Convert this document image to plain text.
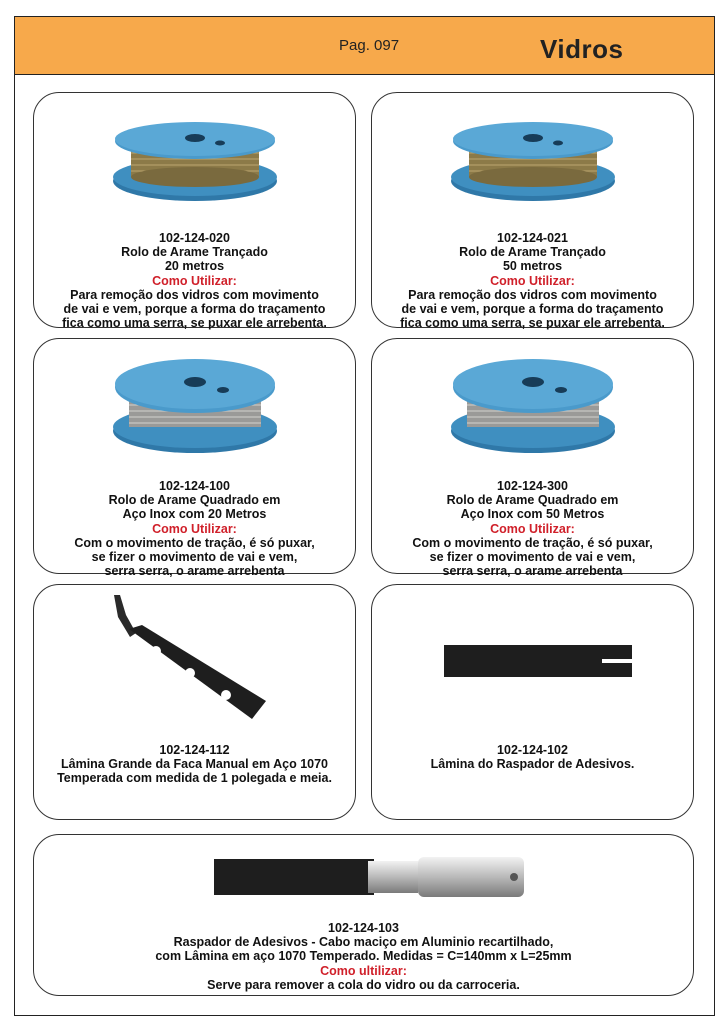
Pag. 097	Vidros
102-124-020
Rolo de Arame Trançado
20 metros
Como Utilizar:
Para remoção dos vidros com movimento
de vai e vem, porque a forma do traçamento
fica como uma serra, se puxar ele arrebenta.
102-124-021
Rolo de Arame Trançado
50 metros
Como Utilizar:
Para remoção dos vidros com movimento
de vai e vem, porque a forma do traçamento
fica como uma serra, se puxar ele arrebenta.
102-124-100
Rolo de Arame Quadrado em
Aço Inox com 20 Metros
Como Utilizar:
Com o movimento de tração, é só puxar,
se fizer o movimento de vai e vem,
serra serra, o arame arrebenta
102-124-300
Rolo de Arame Quadrado em
Aço Inox com 50 Metros
Como Utilizar:
Com o movimento de tração, é só puxar,
se fizer o movimento de vai e vem,
serra serra, o arame arrebenta
102-124-112
Lâmina Grande da Faca Manual em Aço 1070
Temperada com medida de 1 polegada e meia.
102-124-102
Lâmina do Raspador de Adesivos.
102-124-103
Raspador de Adesivos - Cabo maciço em Aluminio recartilhado,
com Lâmina em aço 1070 Temperado. Medidas = C=140mm x L=25mm
Como ultilizar:
Serve para remover a cola do vidro ou da carroceria.
